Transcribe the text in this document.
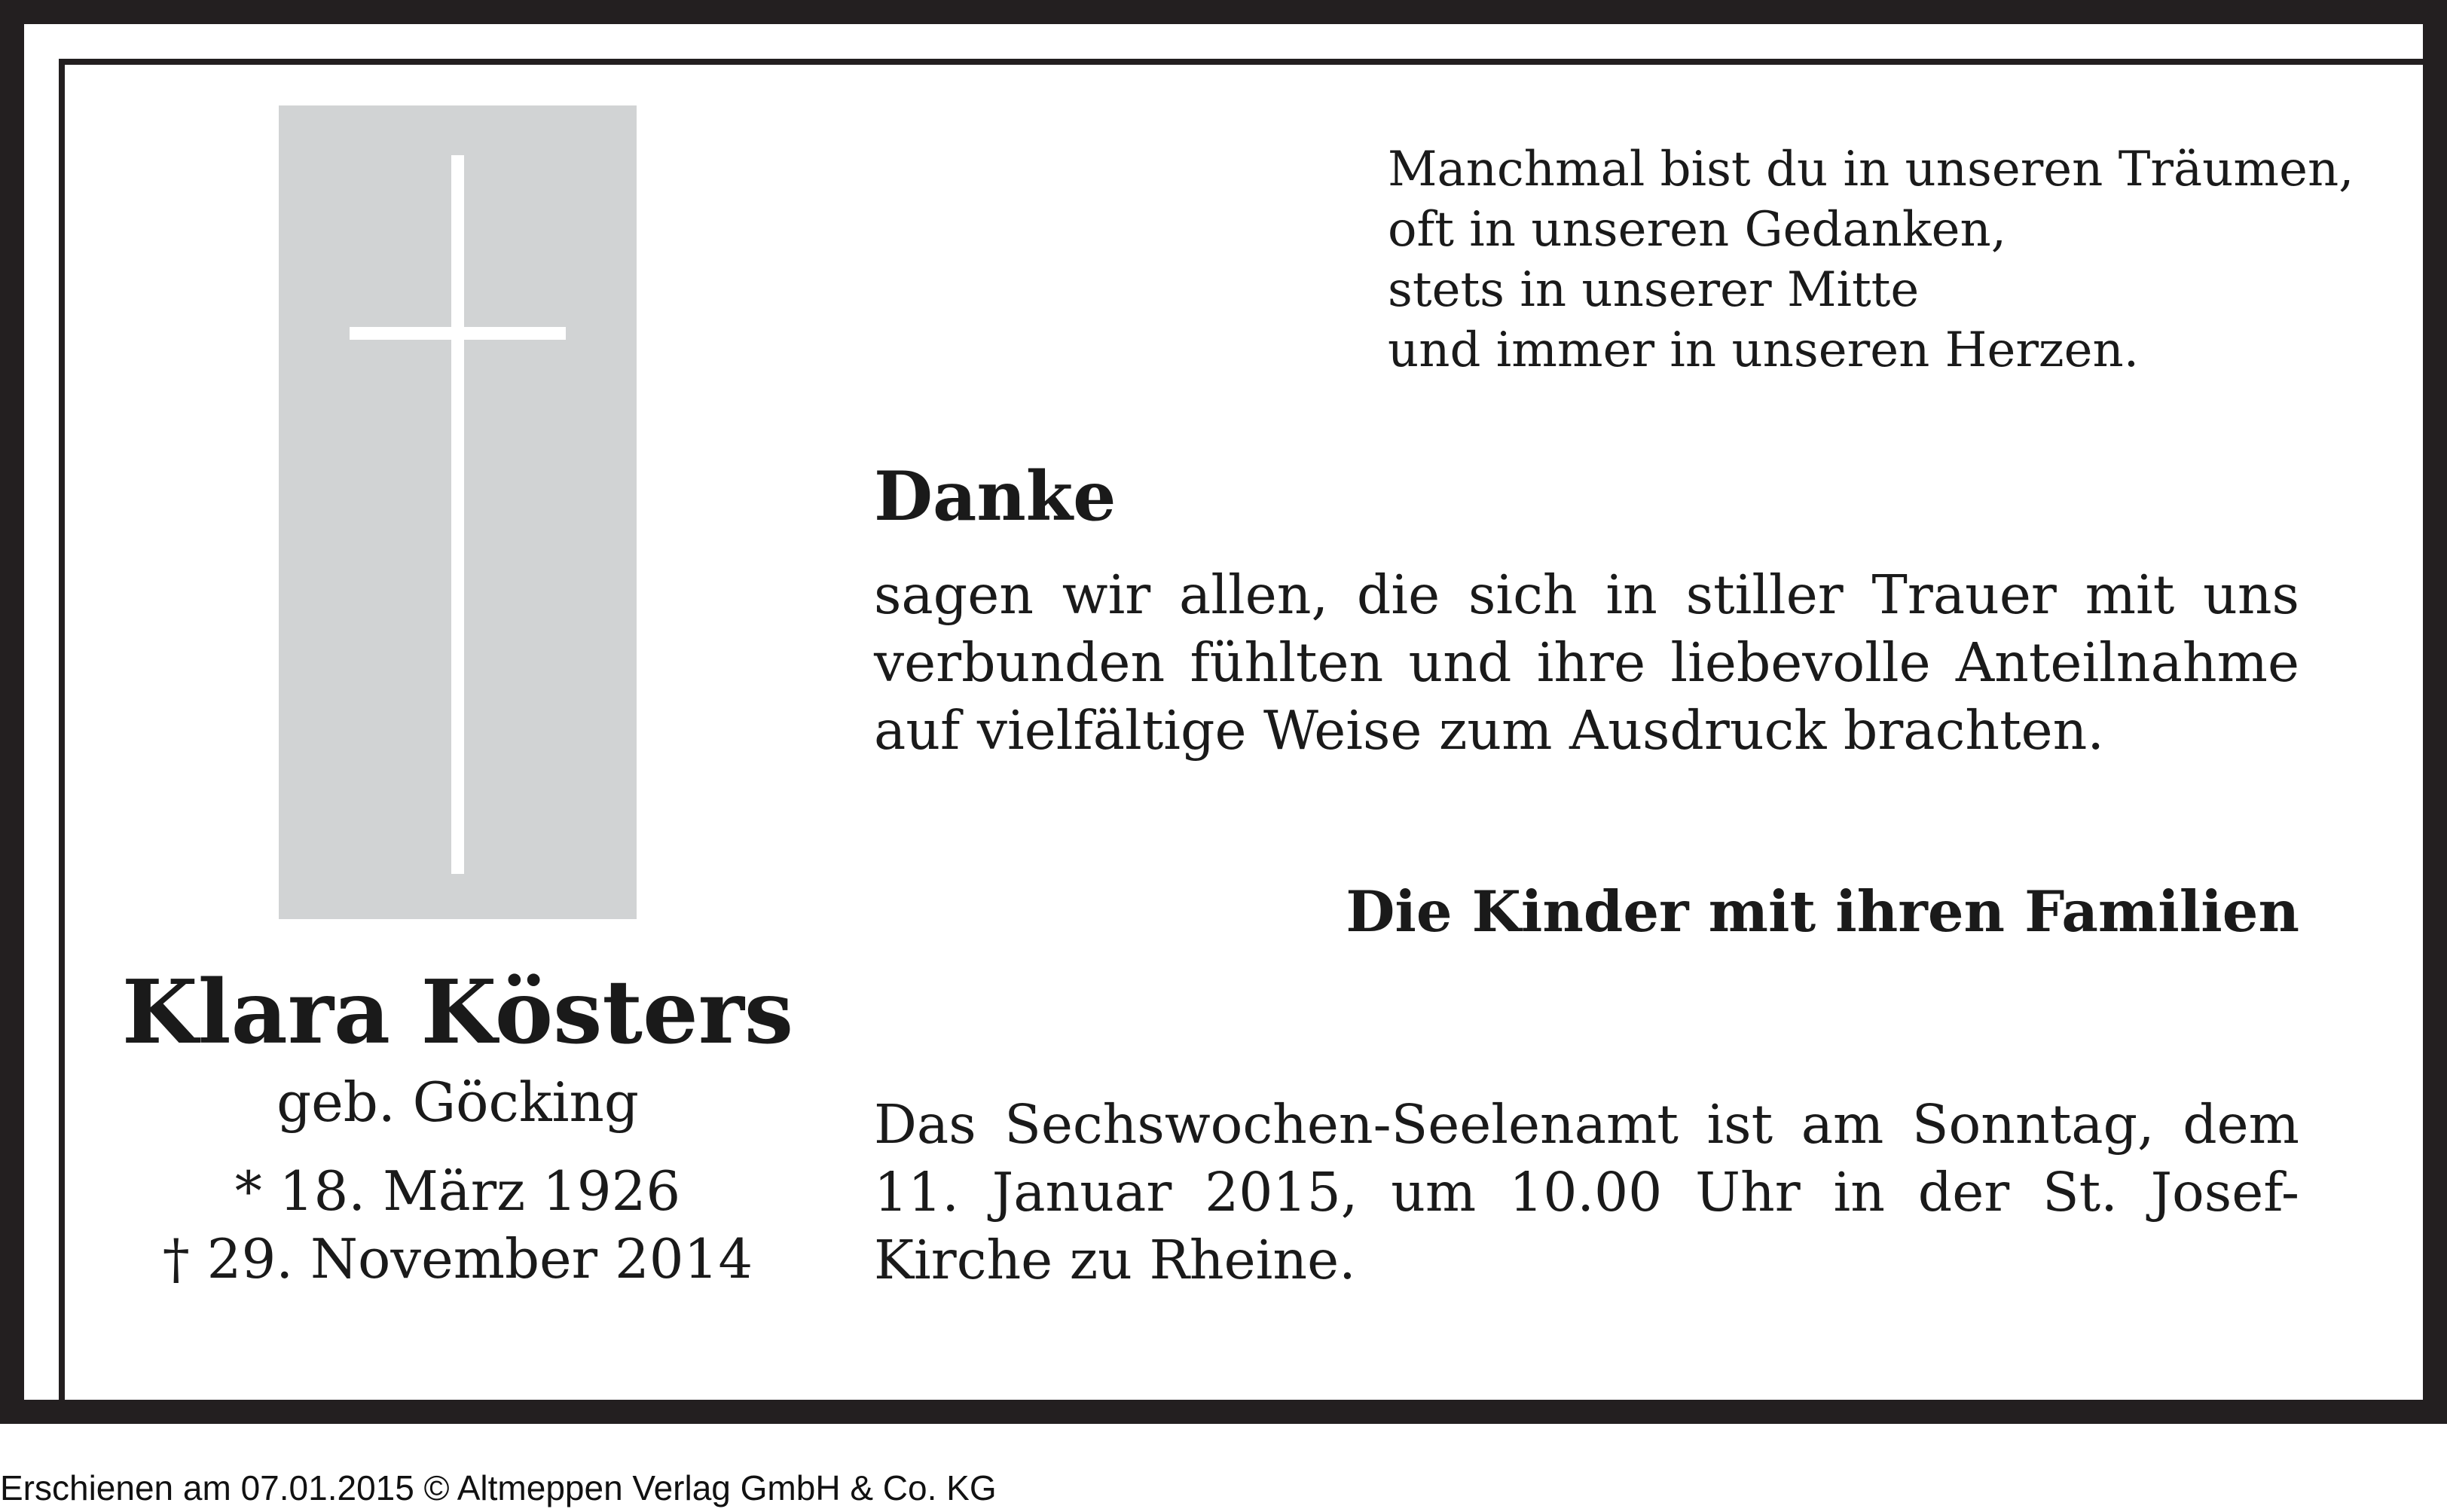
Klara Kösters
geb. Göcking
* 18. März 1926
† 29. November 2014
Manchmal bist du in unseren Träumen,
oft in unseren Gedanken,
stets in unserer Mitte
und immer in unseren Herzen.
Danke
sagen wir allen, die sich in stiller Trauer mit uns verbunden fühlten und ihre liebevolle Anteilnahme auf vielfältige Weise zum Ausdruck brachten.
Die Kinder mit ihren Familien
Das Sechswochen-Seelenamt ist am Sonntag, dem 11. Januar 2015, um 10.00 Uhr in der St. Josef-Kirche zu Rheine.
Erschienen am 07.01.2015 © Altmeppen Verlag GmbH & Co. KG
